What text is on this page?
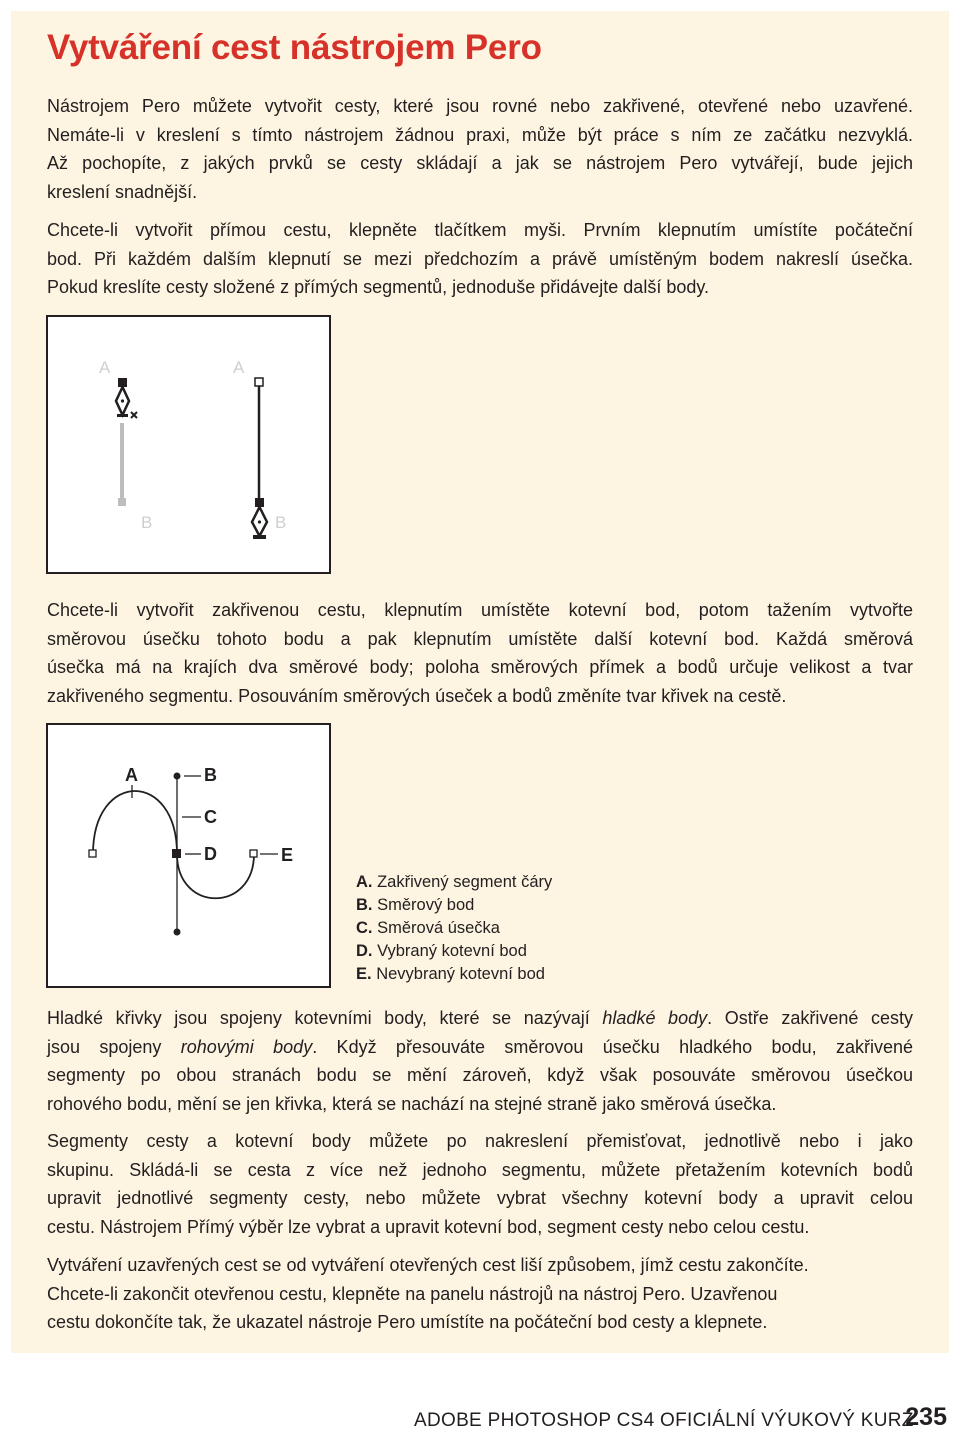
Vytváření cest nástrojem Pero

Nástrojem Pero můžete vytvořit cesty, které jsou rovné nebo zakřivené, otevřené nebo uzavřené.
Nemáte-li v kreslení s tímto nástrojem žádnou praxi, může být práce s ním ze začátku nezvyklá.
Až pochopíte, z jakých prvků se cesty skládají a jak se nástrojem Pero vytvářejí, bude jejich
kreslení snadnější.

Chcete-li vytvořit přímou cestu, klepněte tlačítkem myši. Prvním klepnutím umístíte počáteční
bod. Při každém dalším klepnutí se mezi předchozím a právě umístěným bodem nakreslí úsečka.
Pokud kreslíte cesty složené z přímých segmentů, jednoduše přidávejte další body.

A	A
B	B

Chcete-li vytvořit zakřivenou cestu, klepnutím umístěte kotevní bod, potom tažením vytvořte
směrovou úsečku tohoto bodu a pak klepnutím umístěte další kotevní bod. Každá směrová
úsečka má na krajích dva směrové body; poloha směrových přímek a bodů určuje velikost a tvar
zakřiveného segmentu. Posouváním směrových úseček a bodů změníte tvar křivek na cestě.

A	B
C
D	E
A. Zakřivený segment čáry
B. Směrový bod
C. Směrová úsečka
D. Vybraný kotevní bod
E. Nevybraný kotevní bod

Hladké křivky jsou spojeny kotevními body, které se nazývají hladké body. Ostře zakřivené cesty
jsou spojeny rohovými body. Když přesouváte směrovou úsečku hladkého bodu, zakřivené
segmenty po obou stranách bodu se mění zároveň, když však posouváte směrovou úsečkou
rohového bodu, mění se jen křivka, která se nachází na stejné straně jako směrová úsečka.

Segmenty cesty a kotevní body můžete po nakreslení přemisťovat, jednotlivě nebo i jako
skupinu. Skládá-li se cesta z více než jednoho segmentu, můžete přetažením kotevních bodů
upravit jednotlivé segmenty cesty, nebo můžete vybrat všechny kotevní body a upravit celou
cestu. Nástrojem Přímý výběr lze vybrat a upravit kotevní bod, segment cesty nebo celou cestu.

Vytváření uzavřených cest se od vytváření otevřených cest liší způsobem, jímž cestu zakončíte.
Chcete-li zakončit otevřenou cestu, klepněte na panelu nástrojů na nástroj Pero. Uzavřenou
cestu dokončíte tak, že ukazatel nástroje Pero umístíte na počáteční bod cesty a klepnete.

ADOBE PHOTOSHOP CS4 OFICIÁLNÍ VÝUKOVÝ KURZ
235
